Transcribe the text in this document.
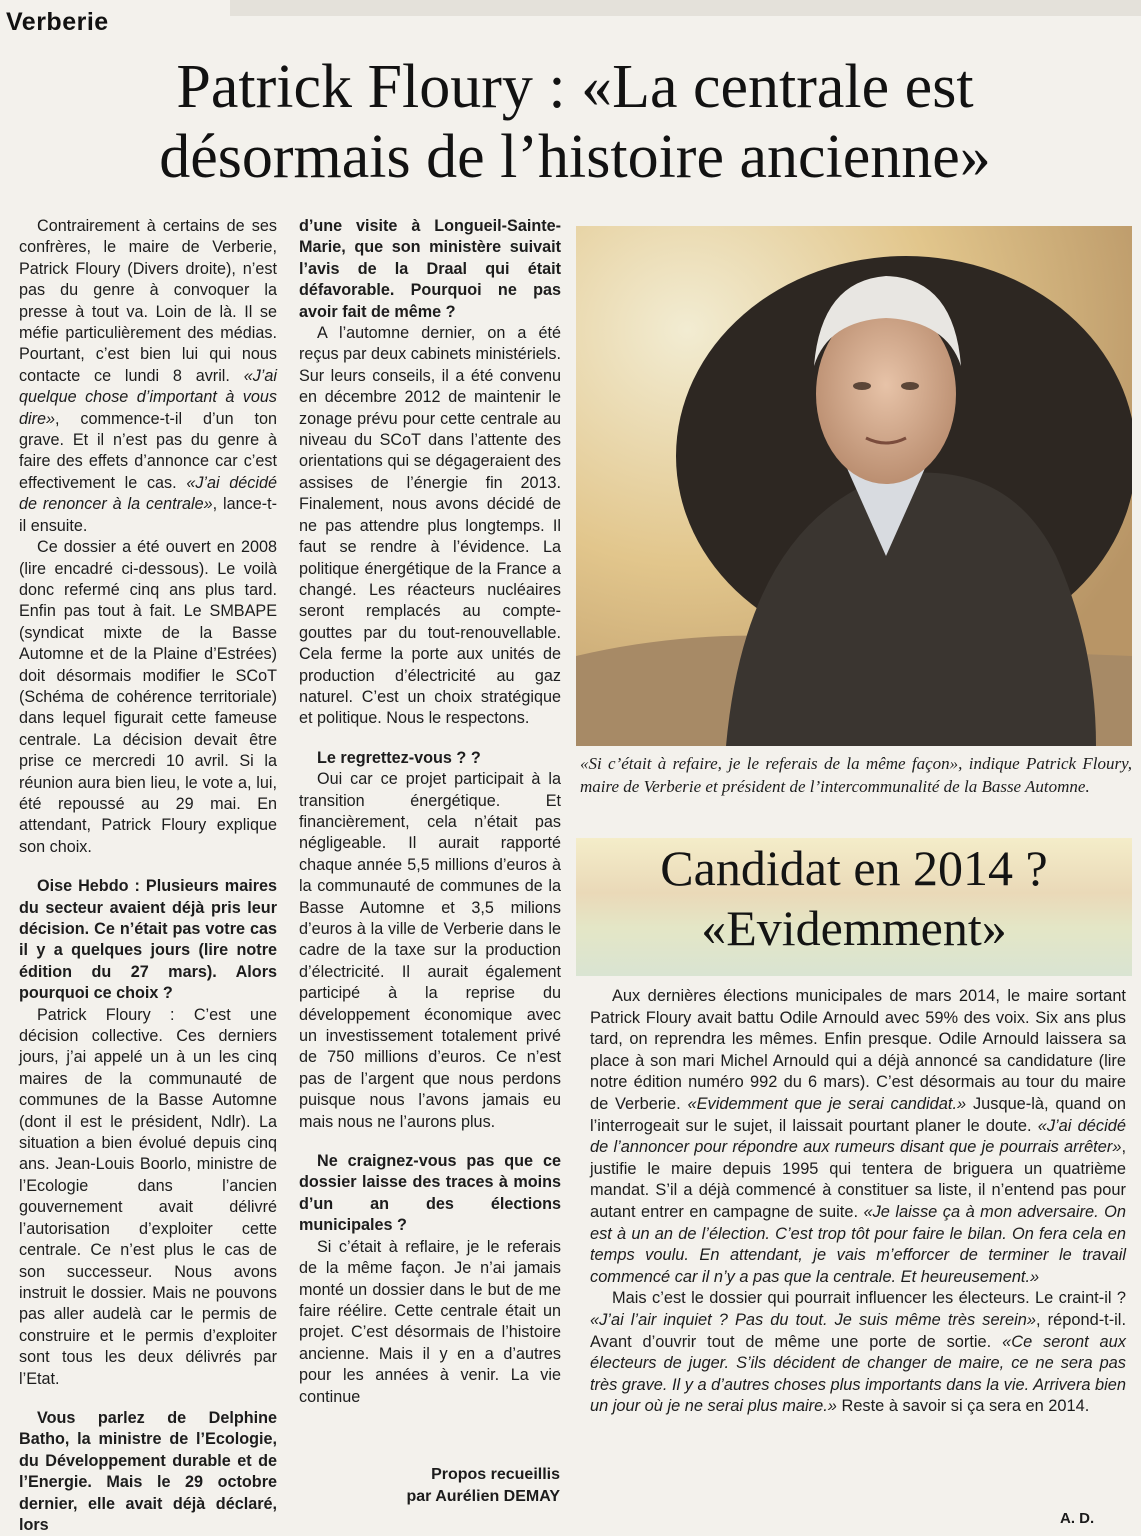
Verberie
Patrick Floury : «La centrale est
désormais de l’histoire ancienne»

Contrairement à certains de ses confrères, le maire de Verberie, Patrick Floury (Divers droite), n’est pas du genre à convoquer la presse à tout va. Loin de là. Il se méfie particulièrement des médias. Pourtant, c’est bien lui qui nous contacte ce lundi 8 avril. «J’ai quelque chose d’important à vous dire», commence-t-il d’un ton grave. Et il n’est pas du genre à faire des effets d’annonce car c’est effectivement le cas. «J’ai décidé de renoncer à la centrale», lance-t-il ensuite.

Ce dossier a été ouvert en 2008 (lire encadré ci-dessous). Le voilà donc refermé cinq ans plus tard. Enfin pas tout à fait. Le SMBAPE (syndicat mixte de la Basse Automne et de la Plaine d’Estrées) doit désormais modifier le SCoT (Schéma de cohérence territoriale) dans lequel figurait cette fameuse centrale. La décision devait être prise ce mercredi 10 avril. Si la réunion aura bien lieu, le vote a, lui, été repoussé au 29 mai. En attendant, Patrick Floury explique son choix.

Oise Hebdo : Plusieurs maires du secteur avaient déjà pris leur décision. Ce n’était pas votre cas il y a quelques jours (lire notre édition du 27 mars). Alors pourquoi ce choix ?

Patrick Floury : C’est une décision collective. Ces derniers jours, j’ai appelé un à un les cinq maires de la communauté de communes de la Basse Automne (dont il est le président, Ndlr). La situation a bien évolué depuis cinq ans. Jean-Louis Boorlo, ministre de l’Ecologie dans l’ancien gouvernement avait délivré l’autorisation d’exploiter cette centrale. Ce n’est plus le cas de son successeur. Nous avons instruit le dossier. Mais ne pouvons pas aller audelà car le permis de construire et le permis d’exploiter sont tous les deux délivrés par l’Etat.

Vous parlez de Delphine Batho, la ministre de l’Ecologie, du Développement durable et de l’Energie. Mais le 29 octobre dernier, elle avait déjà déclaré, lors

d’une visite à Longueil-Sainte-Marie, que son ministère suivait l’avis de la Draal qui était défavorable. Pourquoi ne pas avoir fait de même ?

A l’automne dernier, on a été reçus par deux cabinets ministériels. Sur leurs conseils, il a été convenu en décembre 2012 de maintenir le zonage prévu pour cette centrale au niveau du SCoT dans l’attente des orientations qui se dégageraient des assises de l’énergie fin 2013. Finalement, nous avons décidé de ne pas attendre plus longtemps. Il faut se rendre à l’évidence. La politique énergétique de la France a changé. Les réacteurs nucléaires seront remplacés au compte-gouttes par du tout-renouvellable. Cela ferme la porte aux unités de production d’électricité au gaz naturel. C’est un choix stratégique et politique. Nous le respectons.

Le regrettez-vous ? ?

Oui car ce projet participait à la transition énergétique. Et financièrement, cela n’était pas négligeable. Il aurait rapporté chaque année 5,5 millions d’euros à la communauté de communes de la Basse Automne et 3,5 milions d’euros à la ville de Verberie dans le cadre de la taxe sur la production d’électricité. Il aurait également participé à la reprise du développement économique avec un investissement totalement privé de 750 millions d’euros. Ce n’est pas de l’argent que nous perdons puisque nous l’avons jamais eu mais nous ne l’aurons plus.

Ne craignez-vous pas que ce dossier laisse des traces à moins d’un an des élections municipales ?

Si c’était à reflaire, je le referais de la même façon. Je n’ai jamais monté un dossier dans le but de me faire réélire. Cette centrale était un projet. C’est désormais de l’histoire ancienne. Mais il y en a d’autres pour les années à venir. La vie continue

Propos recueillis
par Aurélien DEMAY
«Si c’était à refaire, je le referais de la même façon», indique Patrick Floury, maire de Verberie et président de l’intercommunalité de la Basse Automne.
Candidat en 2014 ?
«Evidemment»

Aux dernières élections municipales de mars 2014, le maire sortant Patrick Floury avait battu Odile Arnould avec 59% des voix. Six ans plus tard, on reprendra les mêmes. Enfin presque. Odile Arnould laissera sa place à son mari Michel Arnould qui a déjà annoncé sa candidature (lire notre édition numéro 992 du 6 mars). C’est désormais au tour du maire de Verberie. «Evidemment que je serai candidat.» Jusque-là, quand on l’interrogeait sur le sujet, il laissait pourtant planer le doute. «J’ai décidé de l’annoncer pour répondre aux rumeurs disant que je pourrais arrêter», justifie le maire depuis 1995 qui tentera de briguera un quatrième mandat. S’il a déjà commencé à constituer sa liste, il n’entend pas pour autant entrer en campagne de suite. «Je laisse ça à mon adversaire. On est à un an de l’élection. C’est trop tôt pour faire le bilan. On fera cela en temps voulu. En attendant, je vais m’efforcer de terminer le travail commencé car il n’y a pas que la centrale. Et heureusement.»

Mais c’est le dossier qui pourrait influencer les électeurs. Le craint-il ? «J’ai l’air inquiet ? Pas du tout. Je suis même très serein», répond-t-il. Avant d’ouvrir tout de même une porte de sortie. «Ce seront aux électeurs de juger. S’ils décident de changer de maire, ce ne sera pas très grave. Il y a d’autres choses plus importants dans la vie. Arrivera bien un jour où je ne serai plus maire.» Reste à savoir si ça sera en 2014.

A. D.
